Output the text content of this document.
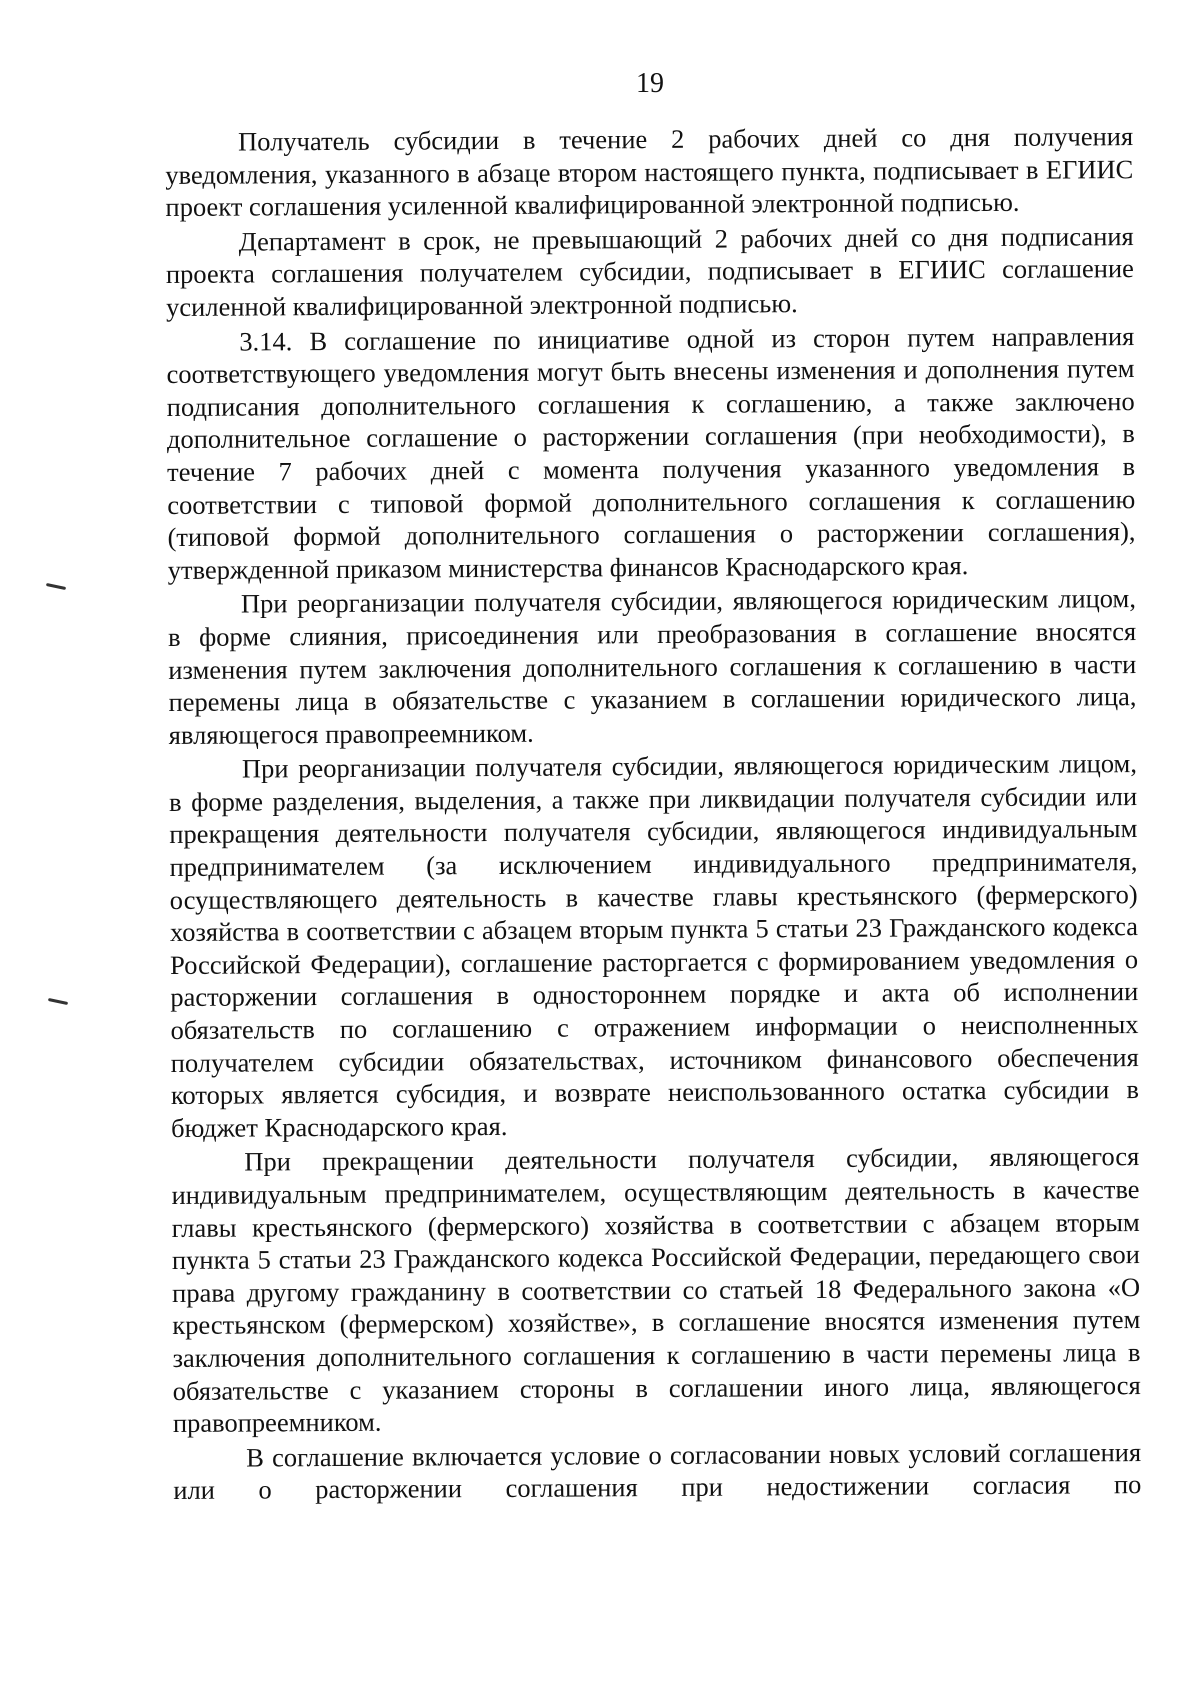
19

Получатель субсидии в течение 2 рабочих дней со дня получения уведомления, указанного в абзаце втором настоящего пункта, подписывает в ЕГИИС проект соглашения усиленной квалифицированной электронной подписью.

Департамент в срок, не превышающий 2 рабочих дней со дня подписания проекта соглашения получателем субсидии, подписывает в ЕГИИС соглашение усиленной квалифицированной электронной подписью.

3.14. В соглашение по инициативе одной из сторон путем направления соответствующего уведомления могут быть внесены изменения и дополнения путем подписания дополнительного соглашения к соглашению, а также заключено дополнительное соглашение о расторжении соглашения (при необходимости), в течение 7 рабочих дней с момента получения указанного уведомления в соответствии с типовой формой дополнительного соглашения к соглашению (типовой формой дополнительного соглашения о расторжении соглашения), утвержденной приказом министерства финансов Краснодарского края.

При реорганизации получателя субсидии, являющегося юридическим лицом, в форме слияния, присоединения или преобразования в соглашение вносятся изменения путем заключения дополнительного соглашения к соглашению в части перемены лица в обязательстве с указанием в соглашении юридического лица, являющегося правопреемником.

При реорганизации получателя субсидии, являющегося юридическим лицом, в форме разделения, выделения, а также при ликвидации получателя субсидии или прекращения деятельности получателя субсидии, являющегося индивидуальным предпринимателем (за исключением индивидуального предпринимателя, осуществляющего деятельность в качестве главы крестьянского (фермерского) хозяйства в соответствии с абзацем вторым пункта 5 статьи 23 Гражданского кодекса Российской Федерации), соглашение расторгается с формированием уведомления о расторжении соглашения в одностороннем порядке и акта об исполнении обязательств по соглашению с отражением информации о неисполненных получателем субсидии обязательствах, источником финансового обеспечения которых является субсидия, и возврате неиспользованного остатка субсидии в бюджет Краснодарского края.

При прекращении деятельности получателя субсидии, являющегося индивидуальным предпринимателем, осуществляющим деятельность в качестве главы крестьянского (фермерского) хозяйства в соответствии с абзацем вторым пункта 5 статьи 23 Гражданского кодекса Российской Федерации, передающего свои права другому гражданину в соответствии со статьей 18 Федерального закона «О крестьянском (фермерском) хозяйстве», в соглашение вносятся изменения путем заключения дополнительного соглашения к соглашению в части перемены лица в обязательстве с указанием стороны в соглашении иного лица, являющегося правопреемником.

В соглашение включается условие о согласовании новых условий соглашения или о расторжении соглашения при недостижении согласия по
